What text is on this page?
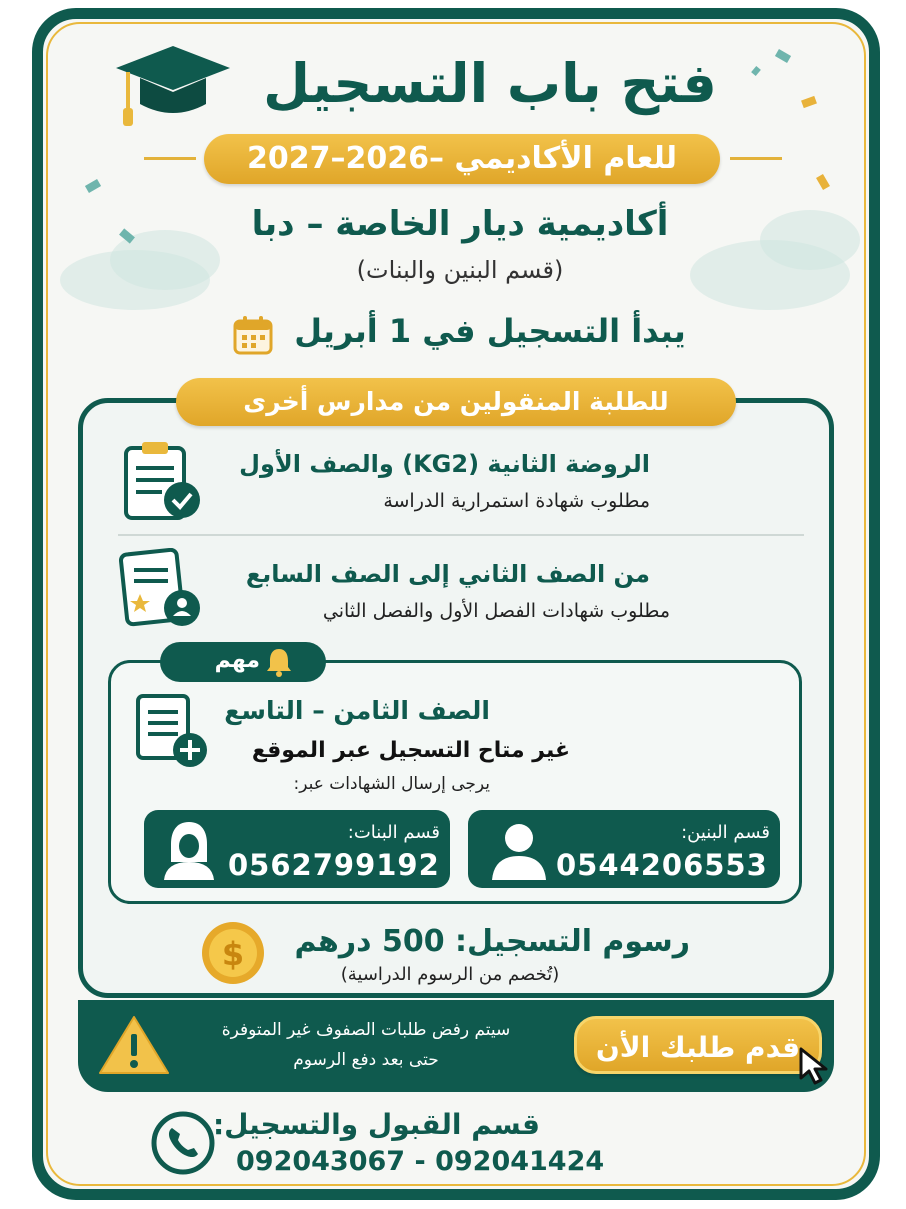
فتح باب التسجيل
للعام الأكاديمي –2026–2027
أكاديمية ديار الخاصة – دبا
(قسم البنين والبنات)
يبدأ التسجيل في 1 أبريل
للطلبة المنقولين من مدارس أخرى
الروضة الثانية (KG2) والصف الأول
مطلوب شهادة استمرارية الدراسة
من الصف الثاني إلى الصف السابع
مطلوب شهادات الفصل الأول والفصل الثاني
مهم
الصف الثامن – التاسع
غير متاح التسجيل عبر الموقع
يرجى إرسال الشهادات عبر:
قسم البنات:
0562799192
قسم البنين:
0544206553
$	رسوم التسجيل: 500 درهم
(تُخصم من الرسوم الدراسية)
سيتم رفض طلبات الصفوف غير المتوفرة
حتى بعد دفع الرسوم	قدم طلبك الأن
قسم القبول والتسجيل:
092043067 - 092041424
